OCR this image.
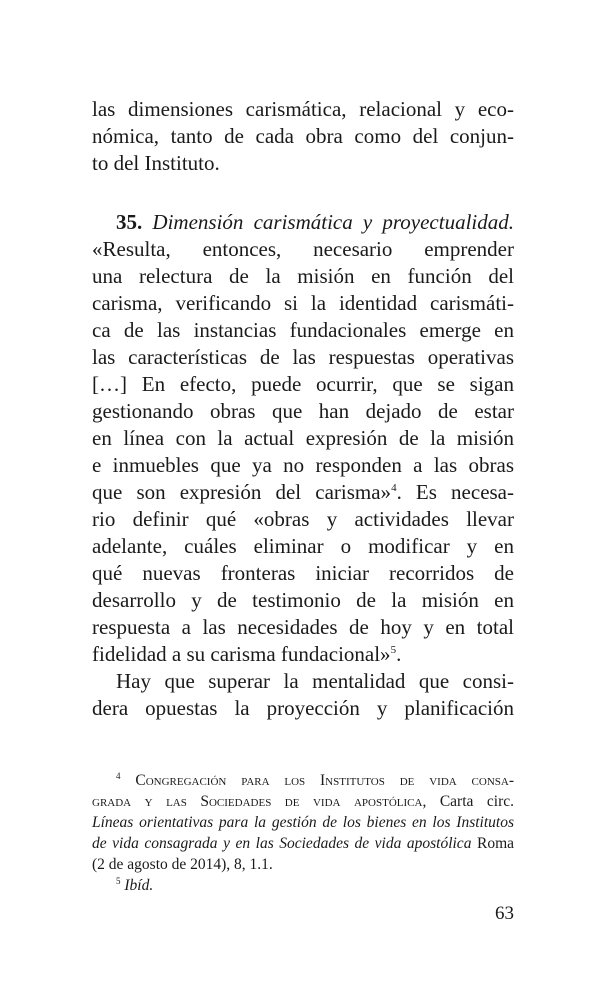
las dimensiones carismática, relacional y eco-
nómica, tanto de cada obra como del conjun-
to del Instituto.
35. Dimensión carismática y proyectualidad.
«Resulta, entonces, necesario emprender
una relectura de la misión en función del
carisma, verificando si la identidad carismáti-
ca de las instancias fundacionales emerge en
las características de las respuestas operativas
[…] En efecto, puede ocurrir, que se sigan
gestionando obras que han dejado de estar
en línea con la actual expresión de la misión
e inmuebles que ya no responden a las obras
que son expresión del carisma»$^4$. Es necesa-
rio definir qué «obras y actividades llevar
adelante, cuáles eliminar o modificar y en
qué nuevas fronteras iniciar recorridos de
desarrollo y de testimonio de la misión en
respuesta a las necesidades de hoy y en total
fidelidad a su carisma fundacional»$^5$.
Hay que superar la mentalidad que consi-
dera opuestas la proyección y planificación
$^4$ Congregación para los Institutos de vida consa-
grada y las Sociedades de vida apostólica, Carta circ.
Líneas orientativas para la gestión de los bienes en los Institutos
de vida consagrada y en las Sociedades de vida apostólica Roma
(2 de agosto de 2014), 8, 1.1.
$^5$ Ibíd.
63
